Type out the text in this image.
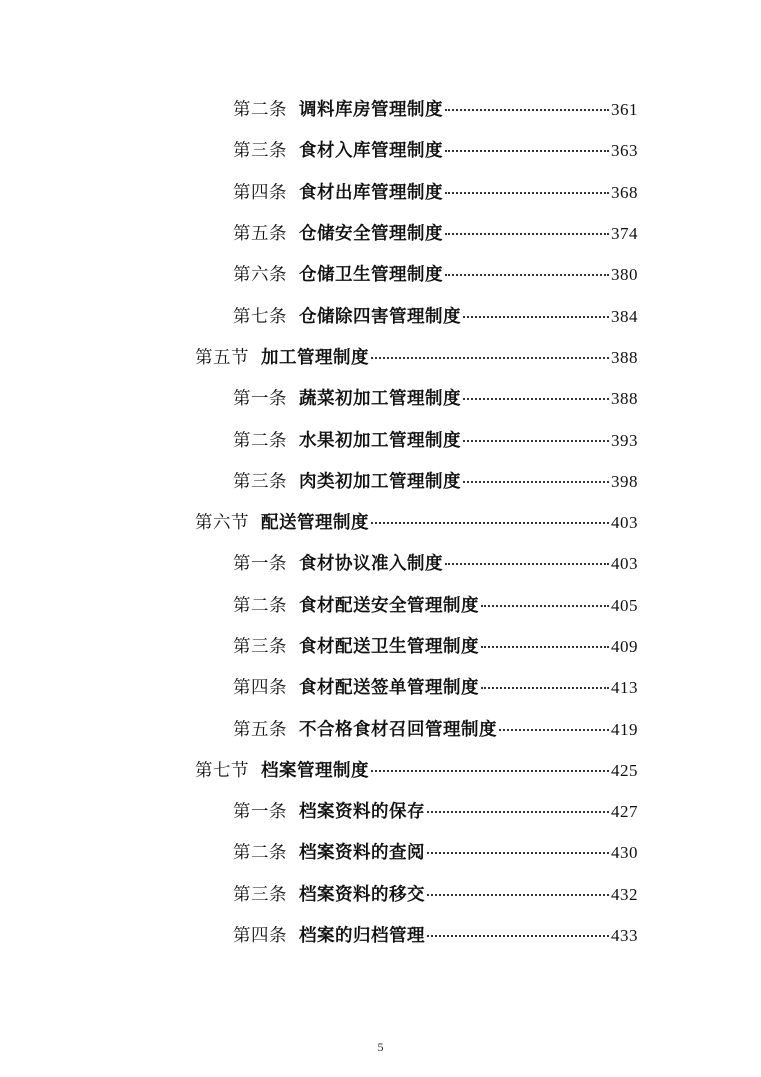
第二条 调料库房管理制度	361
第三条 食材入库管理制度	363
第四条 食材出库管理制度	368
第五条 仓储安全管理制度	374
第六条 仓储卫生管理制度	380
第七条 仓储除四害管理制度	384
第五节 加工管理制度	388
第一条 蔬菜初加工管理制度	388
第二条 水果初加工管理制度	393
第三条 肉类初加工管理制度	398
第六节 配送管理制度	403
第一条 食材协议准入制度	403
第二条 食材配送安全管理制度	405
第三条 食材配送卫生管理制度	409
第四条 食材配送签单管理制度	413
第五条 不合格食材召回管理制度	419
第七节 档案管理制度	425
第一条 档案资料的保存	427
第二条 档案资料的查阅	430
第三条 档案资料的移交	432
第四条 档案的归档管理	433
5
